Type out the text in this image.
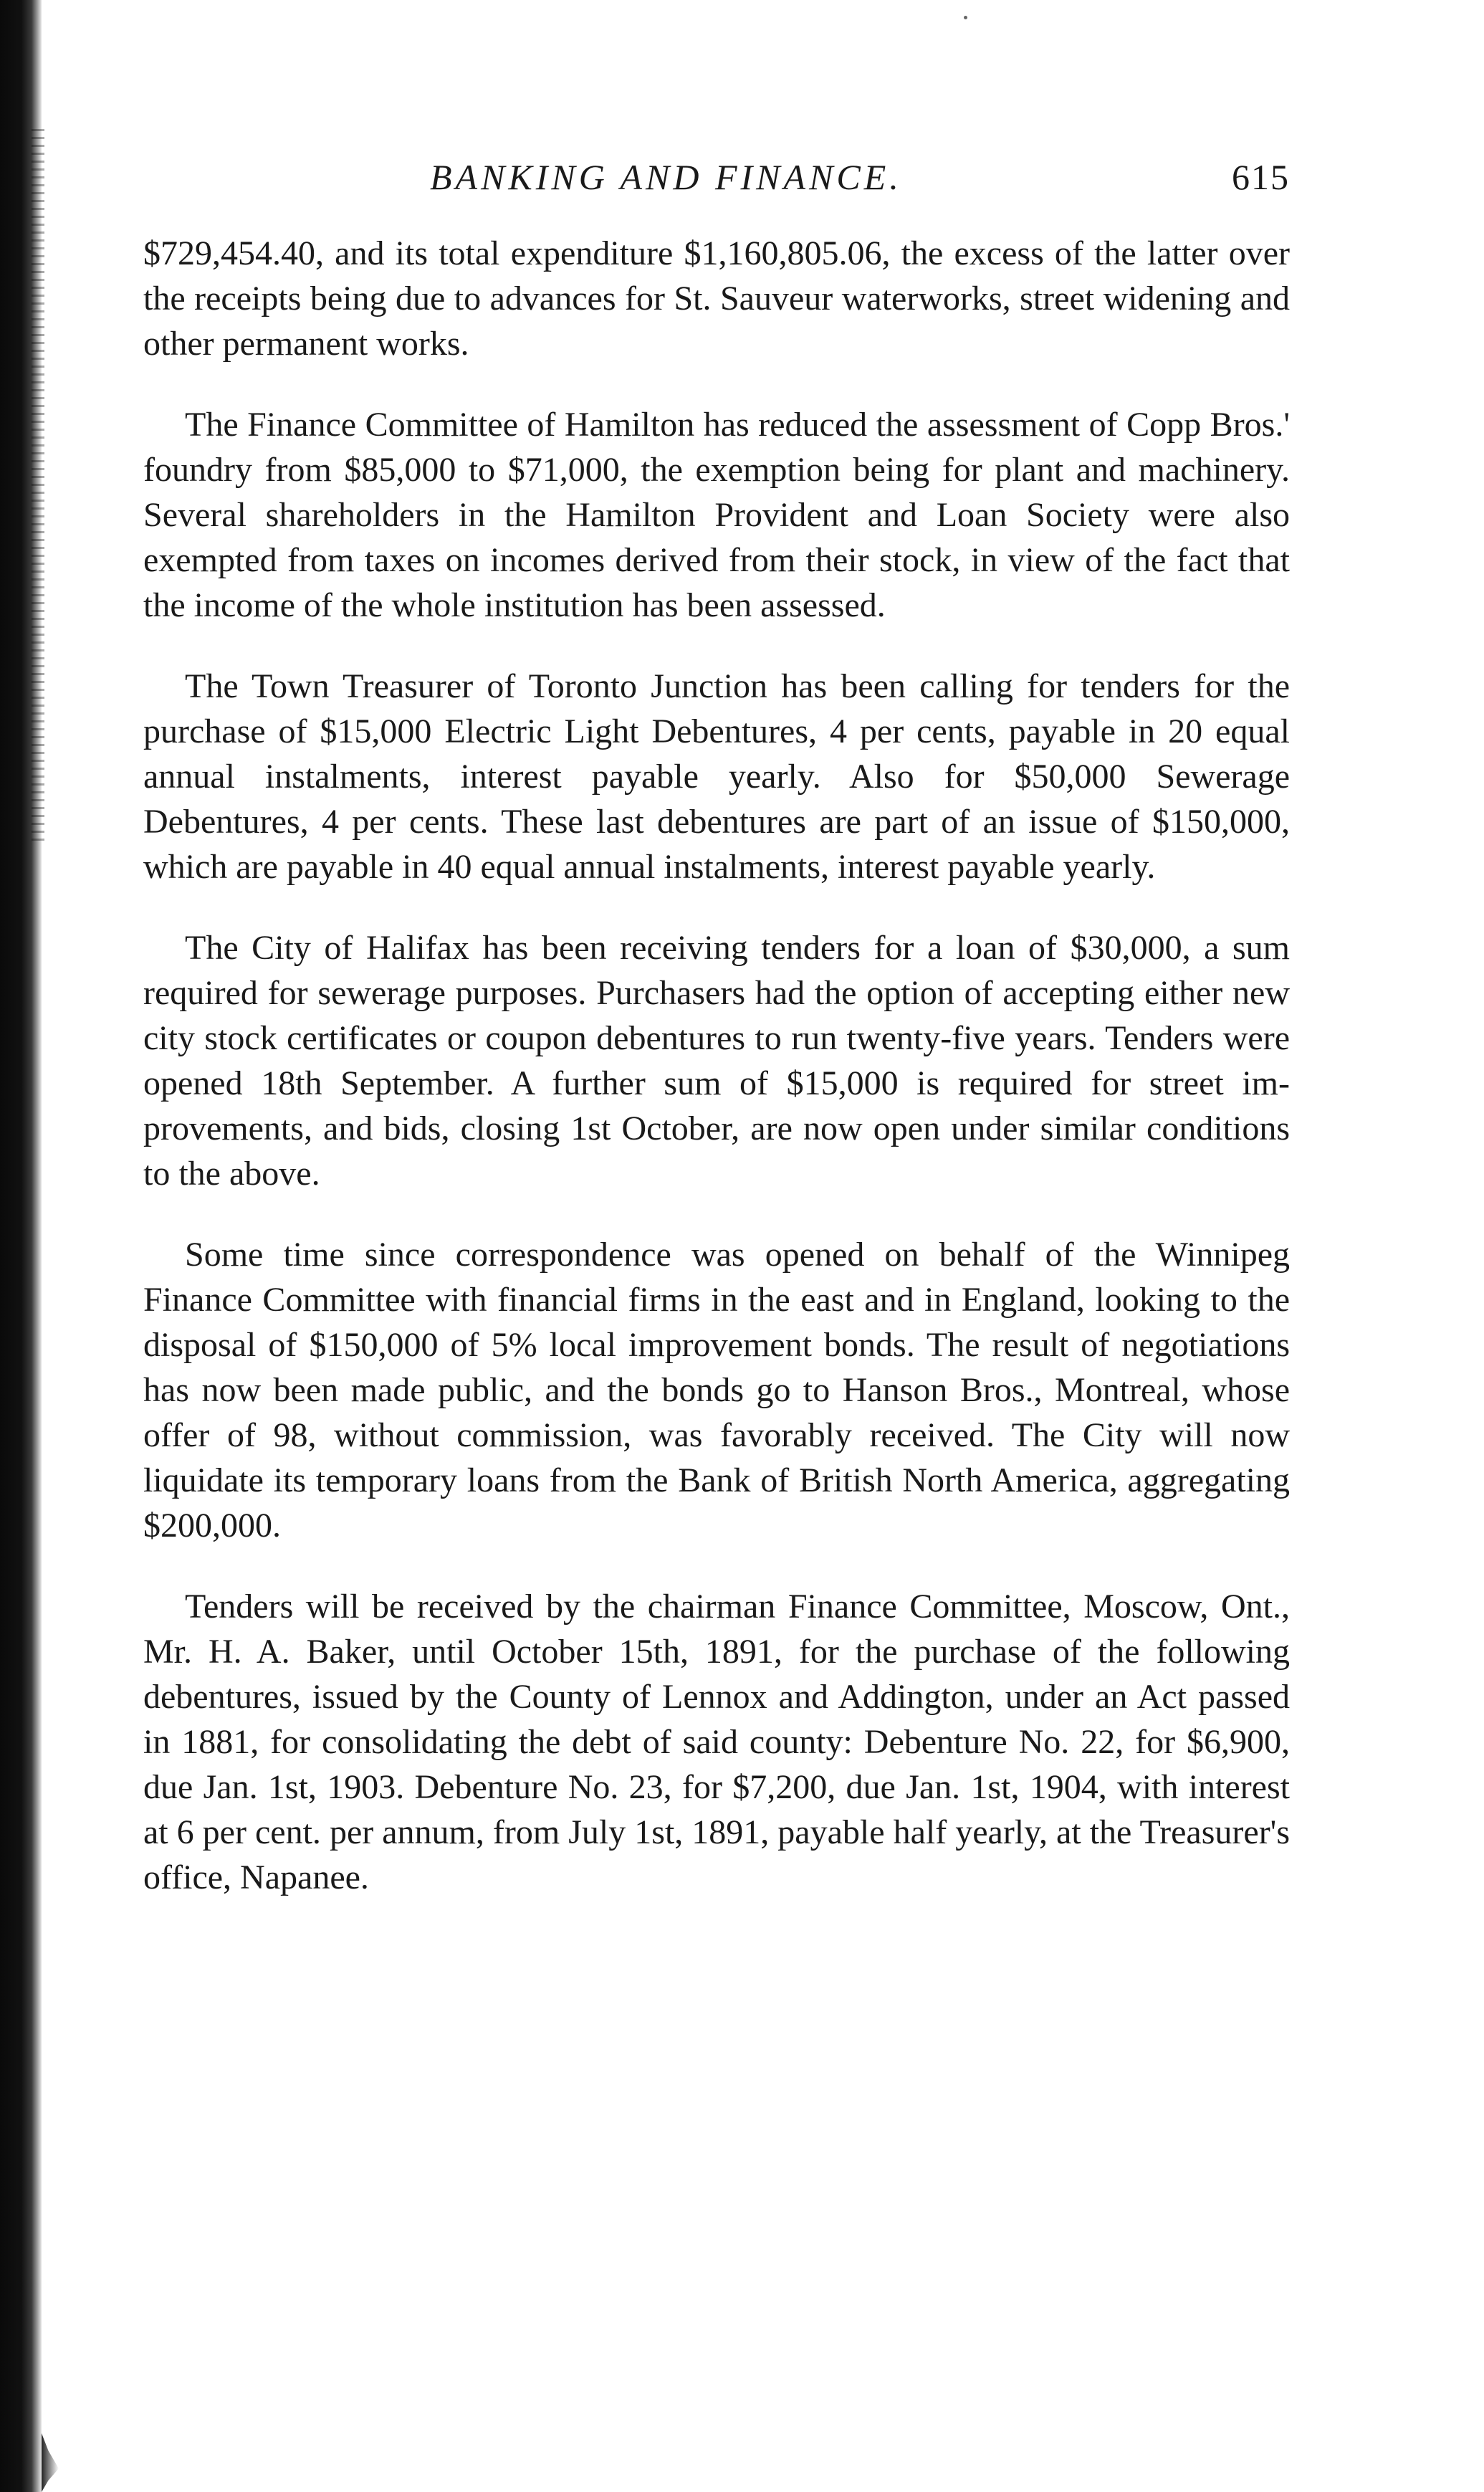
BANKING AND FINANCE.	615

$729,454.40, and its total expenditure $1,160,805.06, the excess of the latter over the receipts being due to advances for St. Sauveur waterworks, street widening and other permanent works.

The Finance Committee of Hamilton has reduced the assessment of Copp Bros.' foundry from $85,000 to $71,000, the exemption being for plant and machinery. Several shareholders in the Hamilton Provident and Loan Society were also exempted from taxes on incomes derived from their stock, in view of the fact that the income of the whole institution has been assessed.

The Town Treasurer of Toronto Junction has been calling for tenders for the purchase of $15,000 Electric Light Debentures, 4 per cents, payable in 20 equal annual instalments, interest payable yearly. Also for $50,000 Sewerage Debentures, 4 per cents. These last debentures are part of an issue of $150,000, which are payable in 40 equal annual instalments, interest payable yearly.

The City of Halifax has been receiving tenders for a loan of $30,000, a sum required for sewerage purposes. Purchasers had the option of accepting either new city stock certificates or coupon debentures to run twenty-five years. Tenders were opened 18th September. A further sum of $15,000 is required for street improvements, and bids, closing 1st October, are now open under similar conditions to the above.

Some time since correspondence was opened on behalf of the Winnipeg Finance Committee with financial firms in the east and in England, looking to the disposal of $150,000 of 5% local improvement bonds. The result of negotiations has now been made public, and the bonds go to Hanson Bros., Montreal, whose offer of 98, without commission, was favorably received. The City will now liquidate its temporary loans from the Bank of British North America, aggregating $200,000.

Tenders will be received by the chairman Finance Committee, Moscow, Ont., Mr. H. A. Baker, until October 15th, 1891, for the purchase of the following debentures, issued by the County of Lennox and Addington, under an Act passed in 1881, for consolidating the debt of said county: Debenture No. 22, for $6,900, due Jan. 1st, 1903. Debenture No. 23, for $7,200, due Jan. 1st, 1904, with interest at 6 per cent. per annum, from July 1st, 1891, payable half yearly, at the Treasurer's office, Napanee.
